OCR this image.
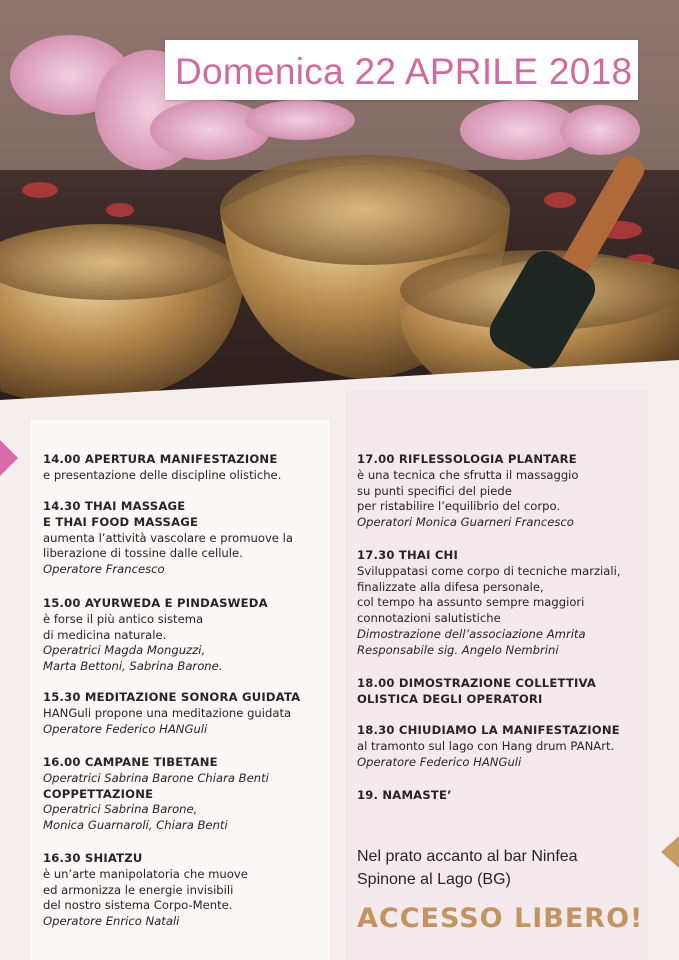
Domenica 22 APRILE 2018
14.00 APERTURA MANIFESTAZIONE
e presentazione delle discipline olistiche.
14.30 THAI MASSAGE
E THAI FOOD MASSAGE
aumenta l’attività vascolare e promuove la
liberazione di tossine dalle cellule.
Operatore Francesco
15.00 AYURWEDA E PINDASWEDA
è forse il più antico sistema
di medicina naturale.
Operatrici Magda Monguzzi,
Marta Bettoni, Sabrina Barone.
15.30 MEDITAZIONE SONORA GUIDATA
HANGuli propone una meditazione guidata
Operatore Federico HANGuli
16.00 CAMPANE TIBETANE
Operatrici Sabrina Barone Chiara Benti
COPPETTAZIONE
Operatrici Sabrina Barone,
Monica Guarnaroli, Chiara Benti
16.30 SHIATZU
è un’arte manipolatoria che muove
ed armonizza le energie invisibili
del nostro sistema Corpo-Mente.
Operatore Enrico Natali
17.00 RIFLESSOLOGIA PLANTARE
è una tecnica che sfrutta il massaggio
su punti specifici del piede
per ristabilire l’equilibrio del corpo.
Operatori Monica Guarneri Francesco
17.30 THAI CHI
Sviluppatasi come corpo di tecniche marziali,
finalizzate alla difesa personale,
col tempo ha assunto sempre maggiori
connotazioni salutistiche
Dimostrazione dell’associazione Amrita
Responsabile sig. Angelo Nembrini
18.00 DIMOSTRAZIONE COLLETTIVA
OLISTICA DEGLI OPERATORI
18.30 CHIUDIAMO LA MANIFESTAZIONE
al tramonto sul lago con Hang drum PANArt.
Operatore Federico HANGuli
19. NAMASTE’
Nel prato accanto al bar Ninfea
Spinone al Lago (BG)
ACCESSO LIBERO!
